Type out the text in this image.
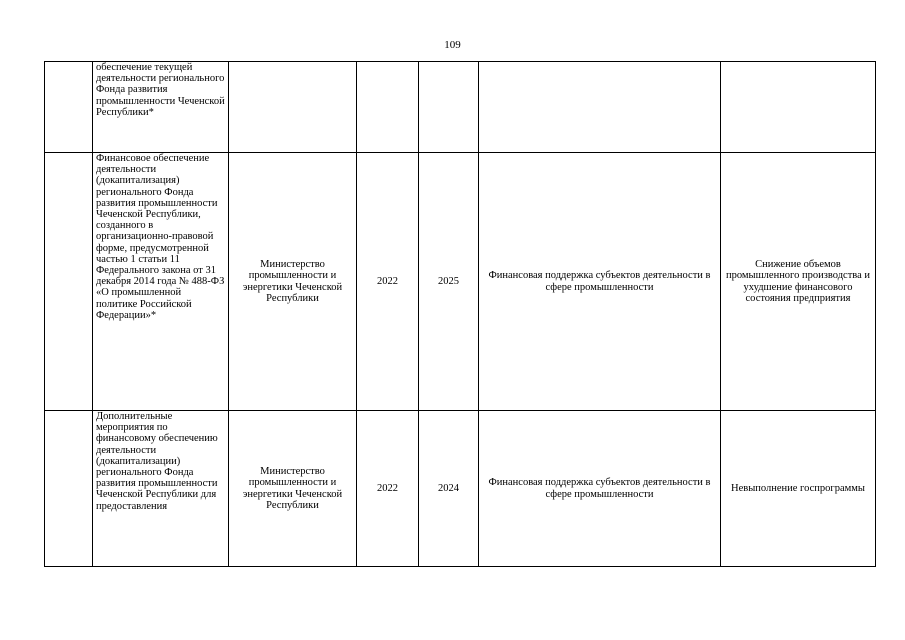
109

	обеспечение текущей деятельности регионального Фонда развития промышленности Чеченской Республики*					

	Финансовое обеспечение деятельности (докапитализация) регионального Фонда развития промышленности Чеченской Республики, созданного в организационно-правовой форме, предусмотренной частью 1 статьи 11 Федерального закона от 31 декабря 2014 года № 488-ФЗ «О промышленной политике Российской Федерации»*	Министерство промышленности и энергетики Чеченской Республики	2022	2025	Финансовая поддержка субъектов деятельности в сфере промышленности	Снижение объемов промышленного производства и ухудшение финансового состояния предприятия

	Дополнительные мероприятия по финансовому обеспечению деятельности (докапитализации) регионального Фонда развития промышленности Чеченской Республики для предоставления	Министерство промышленности и энергетики Чеченской Республики	2022	2024	Финансовая поддержка субъектов деятельности в сфере промышленности	Невыполнение госпрограммы
